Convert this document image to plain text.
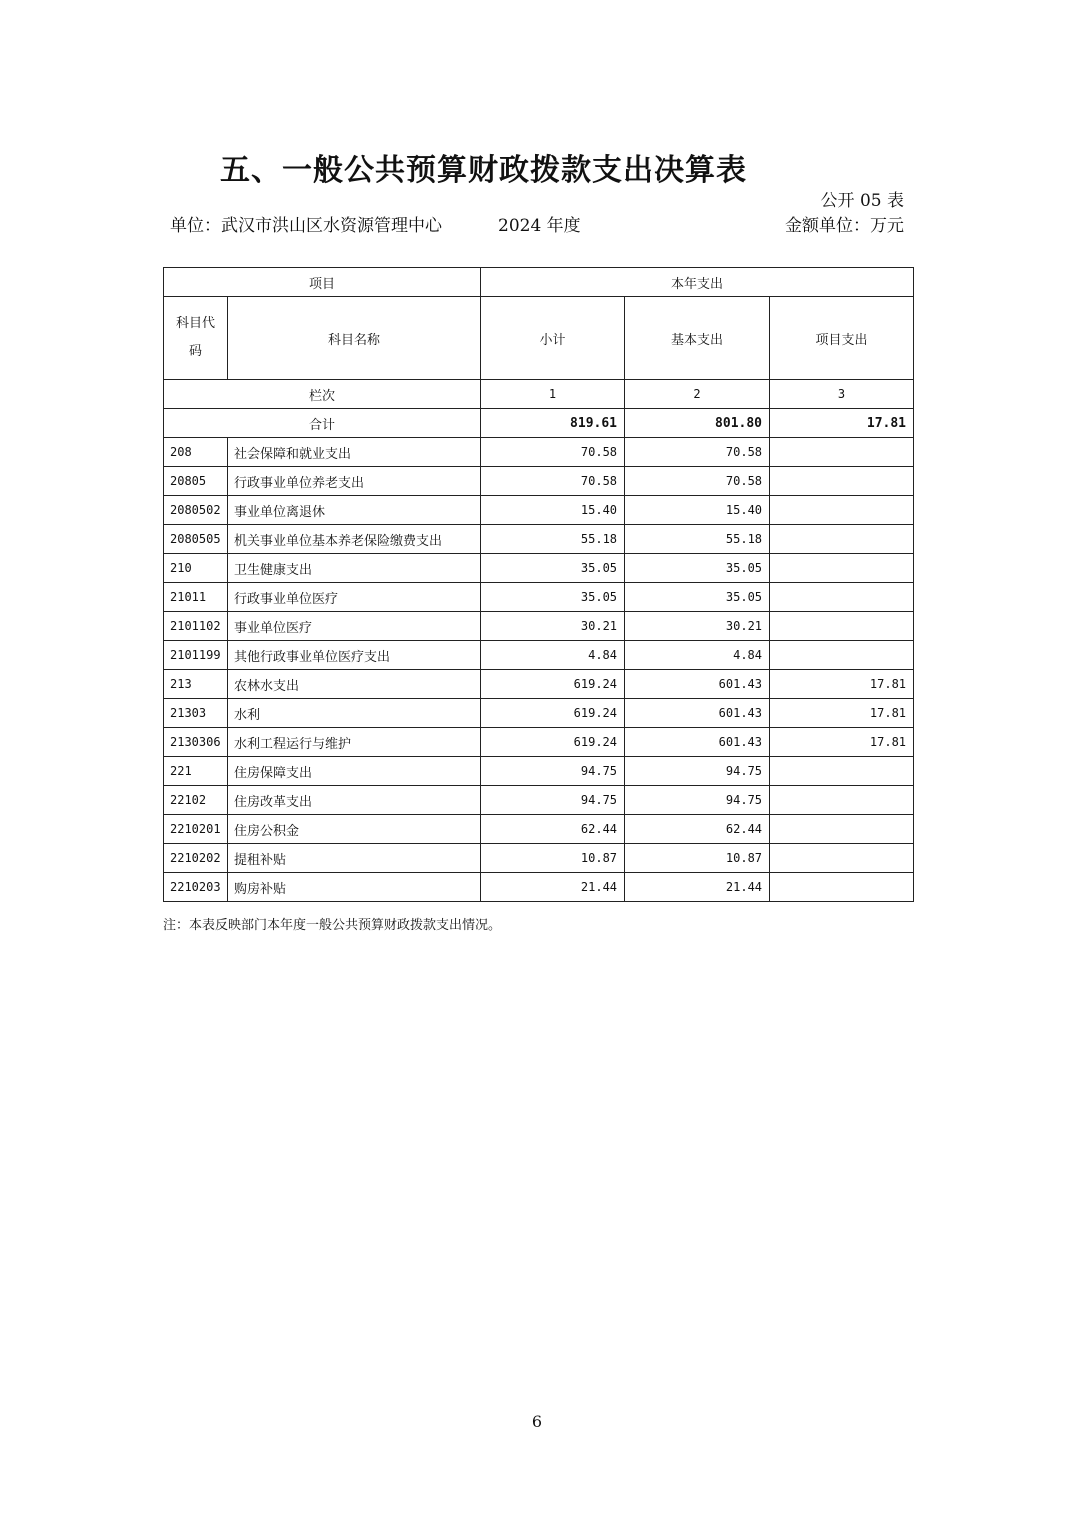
五、一般公共预算财政拨款支出决算表
公开 05 表
单位：武汉市洪山区水资源管理中心	2024 年度	金额单位：万元
项目		本年支出		
科目代码	科目名称	小计	基本支出	项目支出
栏次		1	2	3
合计		819.61	801.80	17.81
208	社会保障和就业支出	70.58	70.58	
20805	行政事业单位养老支出	70.58	70.58	
2080502	事业单位离退休	15.40	15.40	
2080505	机关事业单位基本养老保险缴费支出	55.18	55.18	
210	卫生健康支出	35.05	35.05	
21011	行政事业单位医疗	35.05	35.05	
2101102	事业单位医疗	30.21	30.21	
2101199	其他行政事业单位医疗支出	4.84	4.84	
213	农林水支出	619.24	601.43	17.81
21303	水利	619.24	601.43	17.81
2130306	水利工程运行与维护	619.24	601.43	17.81
221	住房保障支出	94.75	94.75	
22102	住房改革支出	94.75	94.75	
2210201	住房公积金	62.44	62.44	
2210202	提租补贴	10.87	10.87	
2210203	购房补贴	21.44	21.44	
注：本表反映部门本年度一般公共预算财政拨款支出情况。
6
